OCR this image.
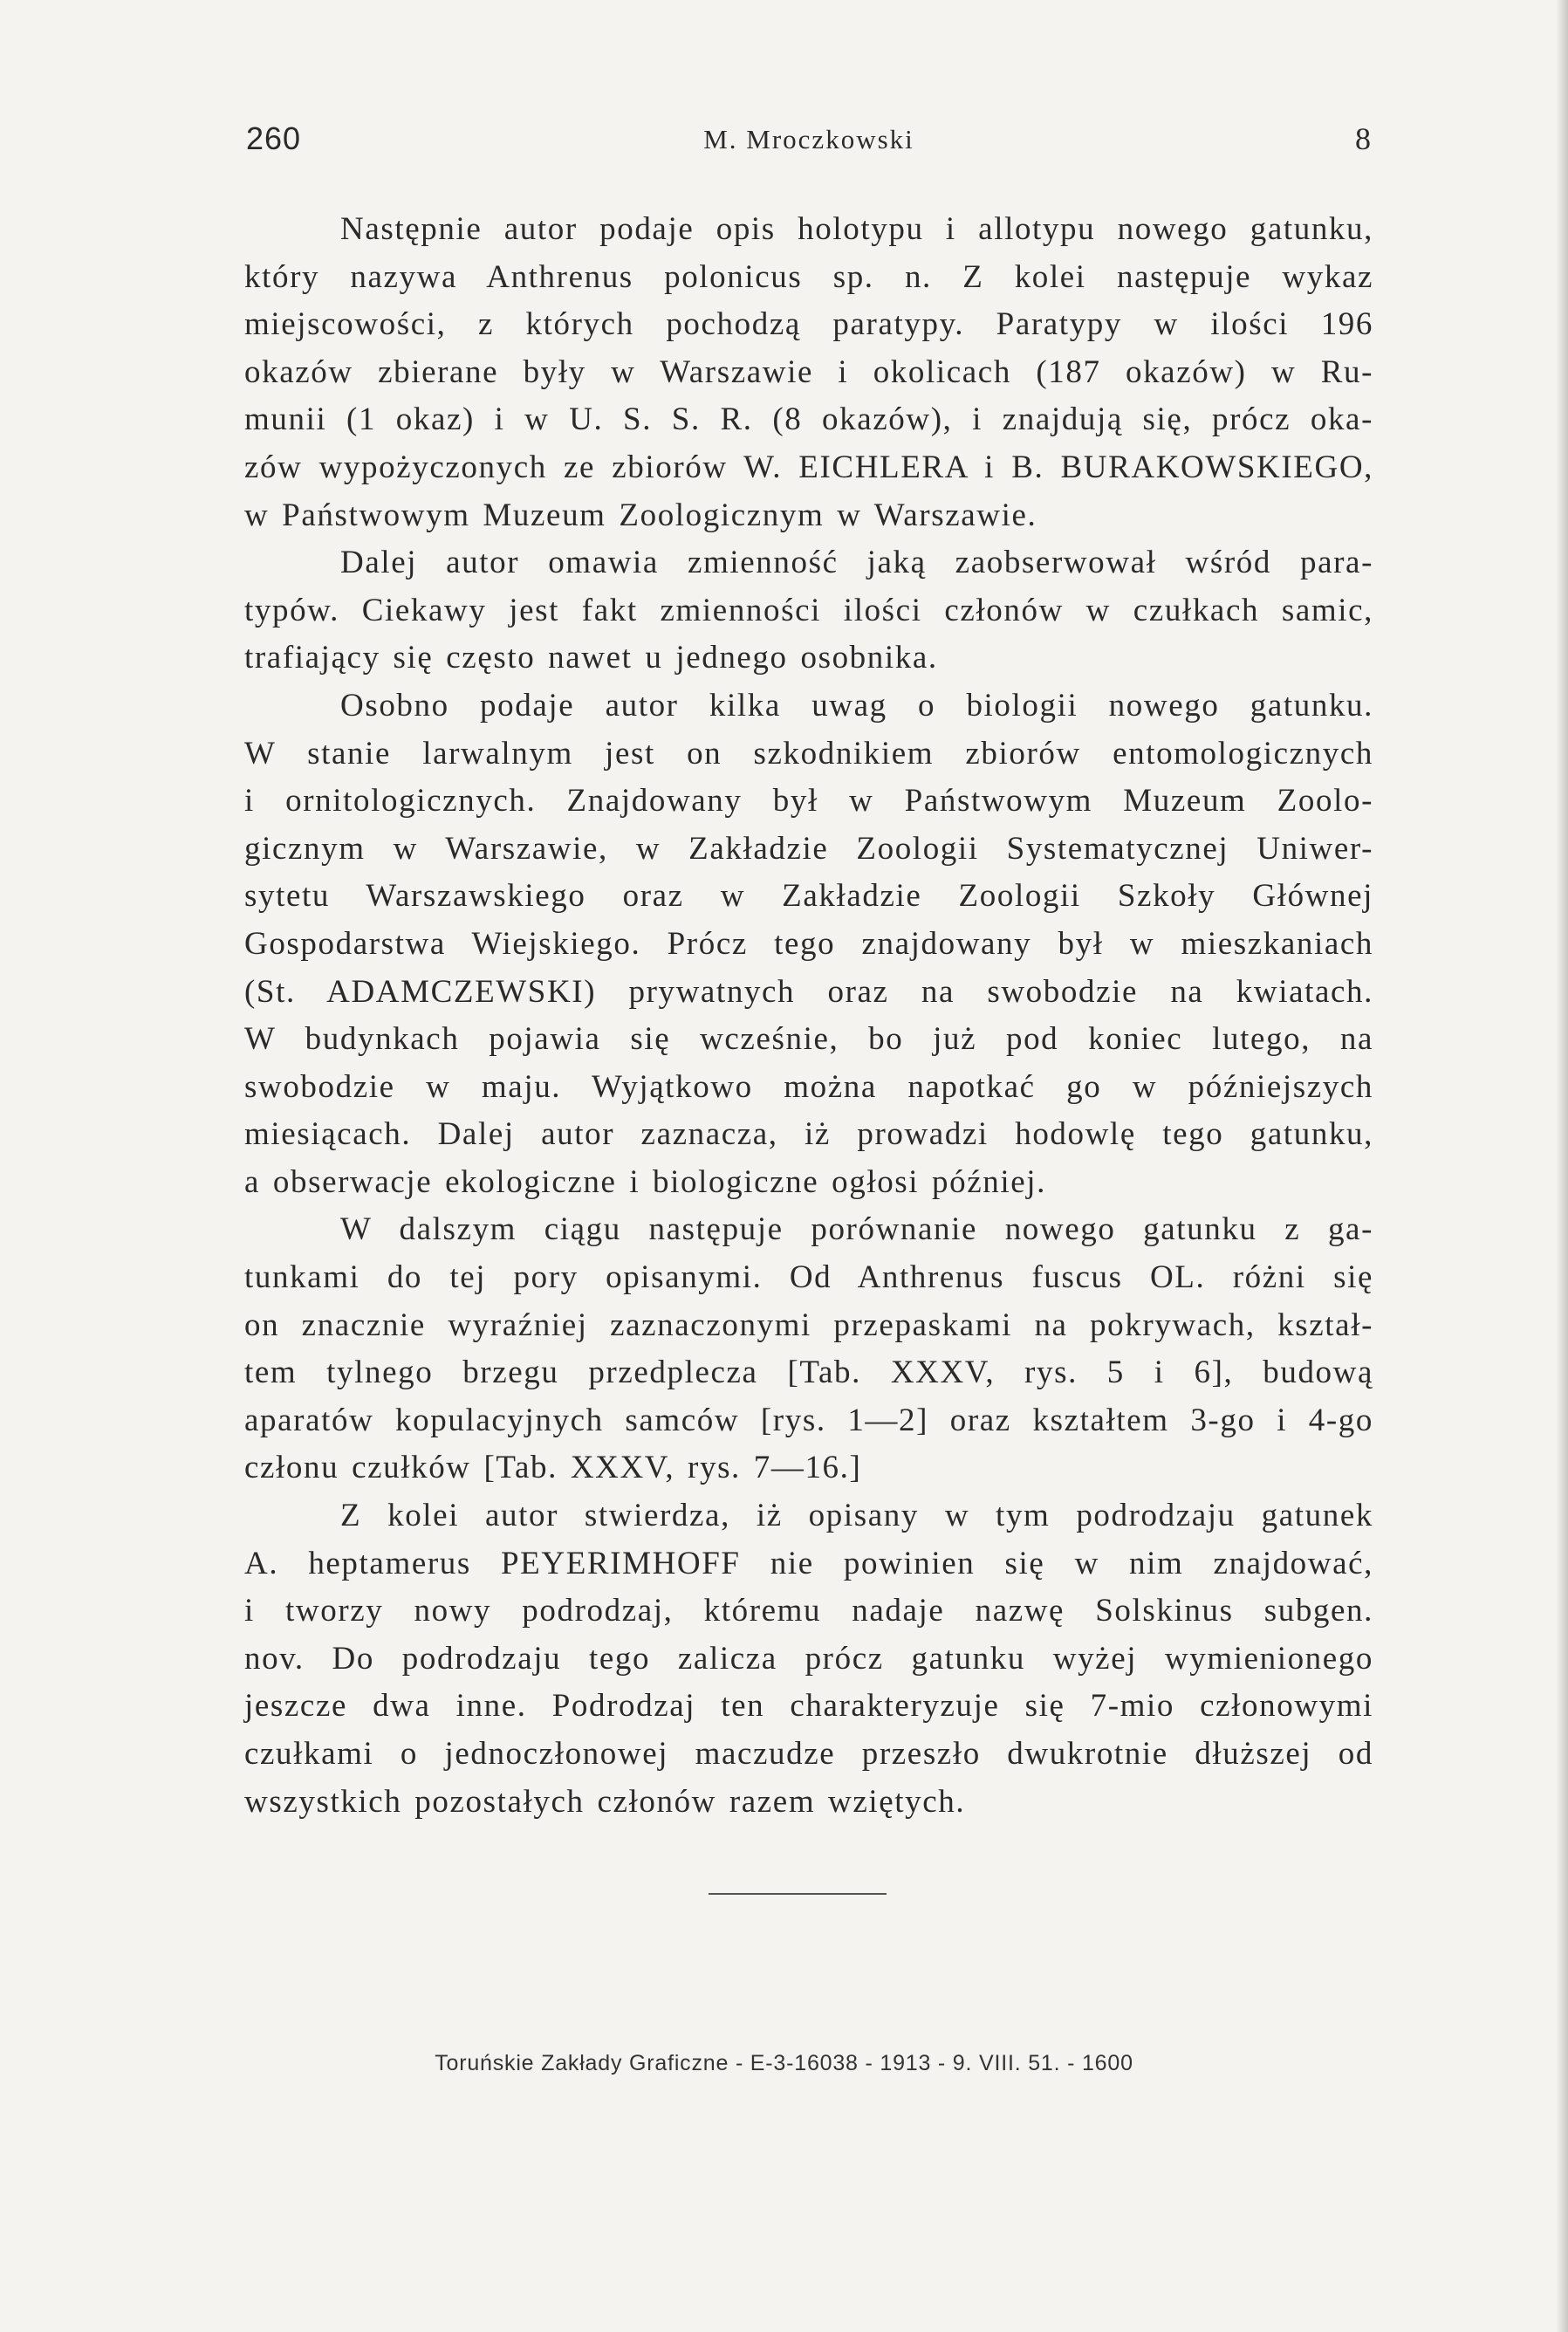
260	M. Mroczkowski	8
Następnie autor podaje opis holotypu i allotypu nowego gatunku,
który nazywa Anthrenus polonicus sp. n. Z kolei następuje wykaz
miejscowości, z których pochodzą paratypy. Paratypy w ilości 196
okazów zbierane były w Warszawie i okolicach (187 okazów) w Ru-
munii (1 okaz) i w U. S. S. R. (8 okazów), i znajdują się, prócz oka-
zów wypożyczonych ze zbiorów W. EICHLERA i B. BURAKOWSKIEGO,
w Państwowym Muzeum Zoologicznym w Warszawie.
Dalej autor omawia zmienność jaką zaobserwował wśród para-
typów. Ciekawy jest fakt zmienności ilości członów w czułkach samic,
trafiający się często nawet u jednego osobnika.
Osobno podaje autor kilka uwag o biologii nowego gatunku.
W stanie larwalnym jest on szkodnikiem zbiorów entomologicznych
i ornitologicznych. Znajdowany był w Państwowym Muzeum Zoolo-
gicznym w Warszawie, w Zakładzie Zoologii Systematycznej Uniwer-
sytetu Warszawskiego oraz w Zakładzie Zoologii Szkoły Głównej
Gospodarstwa Wiejskiego. Prócz tego znajdowany był w mieszkaniach
(St. ADAMCZEWSKI) prywatnych oraz na swobodzie na kwiatach.
W budynkach pojawia się wcześnie, bo już pod koniec lutego, na
swobodzie w maju. Wyjątkowo można napotkać go w późniejszych
miesiącach. Dalej autor zaznacza, iż prowadzi hodowlę tego gatunku,
a obserwacje ekologiczne i biologiczne ogłosi później.
W dalszym ciągu następuje porównanie nowego gatunku z ga-
tunkami do tej pory opisanymi. Od Anthrenus fuscus OL. różni się
on znacznie wyraźniej zaznaczonymi przepaskami na pokrywach, kształ-
tem tylnego brzegu przedplecza [Tab. XXXV, rys. 5 i 6], budową
aparatów kopulacyjnych samców [rys. 1—2] oraz kształtem 3-go i 4-go
członu czułków [Tab. XXXV, rys. 7—16.]
Z kolei autor stwierdza, iż opisany w tym podrodzaju gatunek
A. heptamerus PEYERIMHOFF nie powinien się w nim znajdować,
i tworzy nowy podrodzaj, któremu nadaje nazwę Solskinus subgen.
nov. Do podrodzaju tego zalicza prócz gatunku wyżej wymienionego
jeszcze dwa inne. Podrodzaj ten charakteryzuje się 7-mio członowymi
czułkami o jednoczłonowej maczudze przeszło dwukrotnie dłuższej od
wszystkich pozostałych członów razem wziętych.
Toruńskie Zakłady Graficzne - E-3-16038 - 1913 - 9. VIII. 51. - 1600
